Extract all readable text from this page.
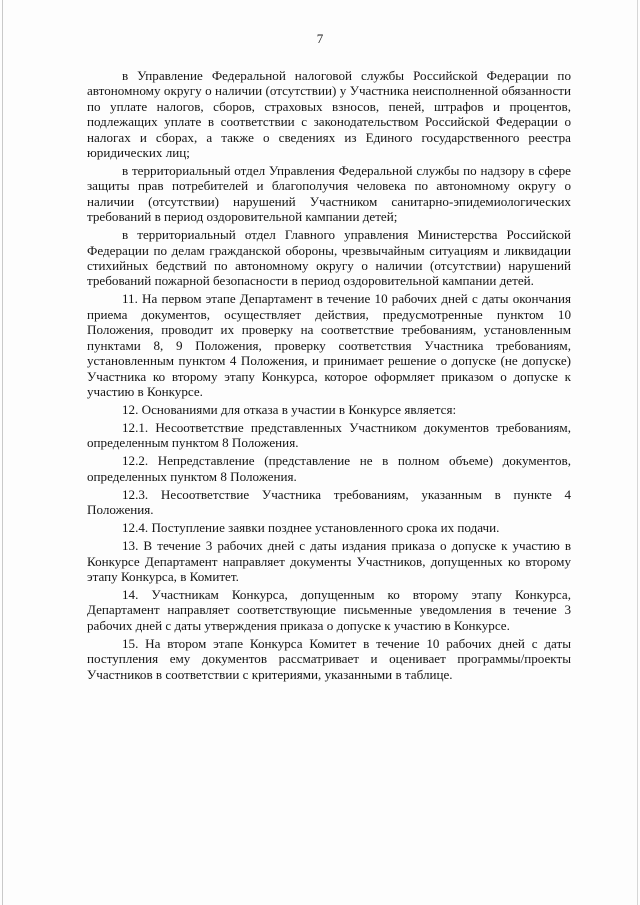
7

в Управление Федеральной налоговой службы Российской Федерации по автономному округу о наличии (отсутствии) у Участника неисполненной обязанности по уплате налогов, сборов, страховых взносов, пеней, штрафов и процентов, подлежащих уплате в соответствии с законодательством Российской Федерации о налогах и сборах, а также о сведениях из Единого государственного реестра юридических лиц;

в территориальный отдел Управления Федеральной службы по надзору в сфере защиты прав потребителей и благополучия человека по автономному округу о наличии (отсутствии) нарушений Участником санитарно-эпидемиологических требований в период оздоровительной кампании детей;

в территориальный отдел Главного управления Министерства Российской Федерации по делам гражданской обороны, чрезвычайным ситуациям и ликвидации стихийных бедствий по автономному округу о наличии (отсутствии) нарушений требований пожарной безопасности в период оздоровительной кампании детей.

11. На первом этапе Департамент в течение 10 рабочих дней с даты окончания приема документов, осуществляет действия, предусмотренные пунктом 10 Положения, проводит их проверку на соответствие требованиям, установленным пунктами 8, 9 Положения, проверку соответствия Участника требованиям, установленным пунктом 4 Положения, и принимает решение о допуске (не допуске) Участника ко второму этапу Конкурса, которое оформляет приказом о допуске к участию в Конкурсе.

12. Основаниями для отказа в участии в Конкурсе является:

12.1. Несоответствие представленных Участником документов требованиям, определенным пунктом 8 Положения.

12.2. Непредставление (представление не в полном объеме) документов, определенных пунктом 8 Положения.

12.3. Несоответствие Участника требованиям, указанным в пункте 4 Положения.

12.4. Поступление заявки позднее установленного срока их подачи.

13. В течение 3 рабочих дней с даты издания приказа о допуске к участию в Конкурсе Департамент направляет документы Участников, допущенных ко второму этапу Конкурса, в Комитет.

14. Участникам Конкурса, допущенным ко второму этапу Конкурса, Департамент направляет соответствующие письменные уведомления в течение 3 рабочих дней с даты утверждения приказа о допуске к участию в Конкурсе.

15. На втором этапе Конкурса Комитет в течение 10 рабочих дней с даты поступления ему документов рассматривает и оценивает программы/проекты Участников в соответствии с критериями, указанными в таблице.
